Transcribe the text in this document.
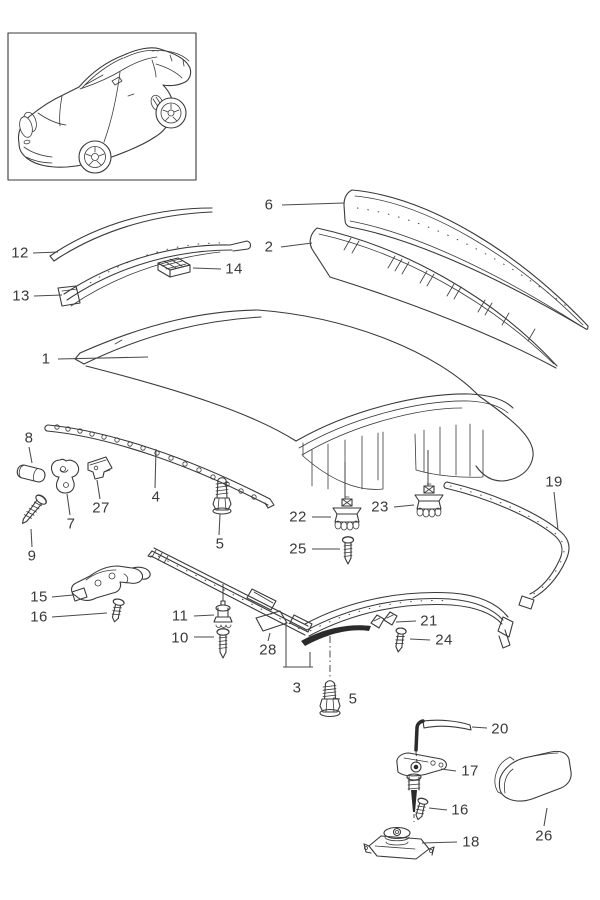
6
2
12
14
13
1
8
27
7
9
4
5
22
23
25
19
15
16	11
10
28
21
24
3
5
20
17
16
18	26
